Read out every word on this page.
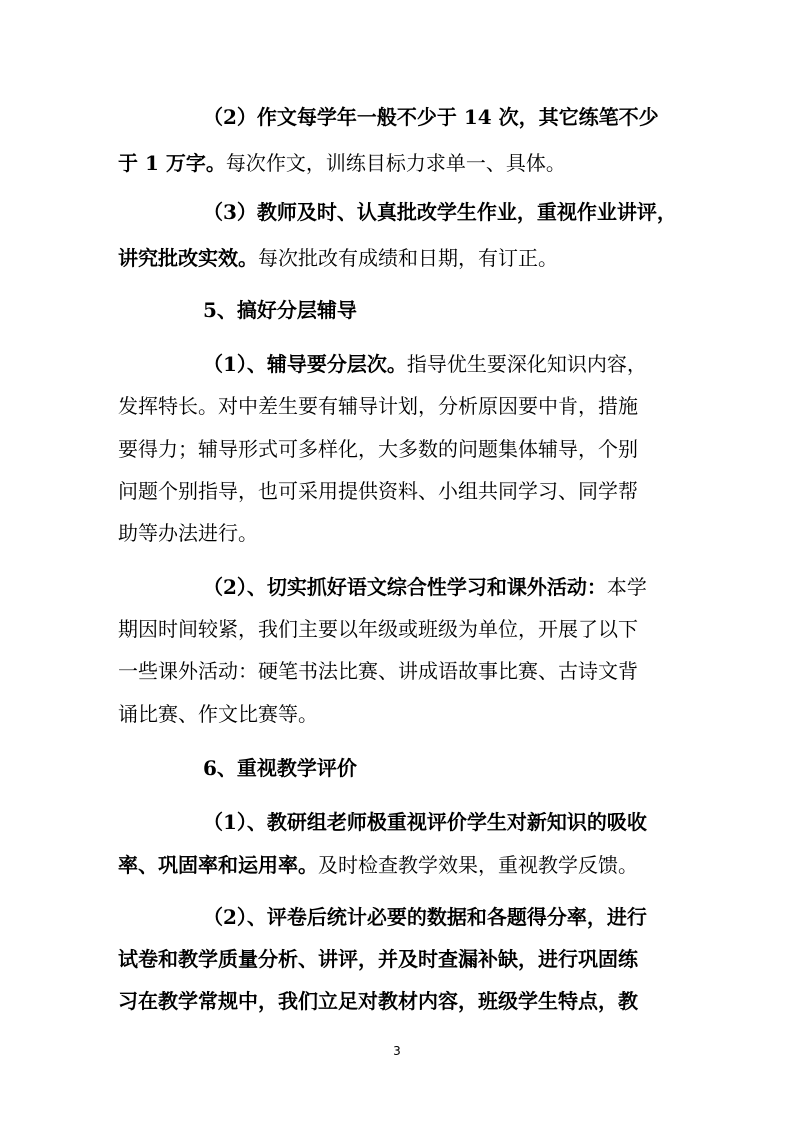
（2）作文每学年一般不少于 14 次，其它练笔不少
于 1 万字。每次作文，训练目标力求单一、具体。
（3）教师及时、认真批改学生作业，重视作业讲评，
讲究批改实效。每次批改有成绩和日期，有订正。
5、搞好分层辅导
（1）、辅导要分层次。指导优生要深化知识内容，
发挥特长。对中差生要有辅导计划，分析原因要中肯，措施
要得力；辅导形式可多样化，大多数的问题集体辅导，个别
问题个别指导，也可采用提供资料、小组共同学习、同学帮
助等办法进行。
（2）、切实抓好语文综合性学习和课外活动：本学
期因时间较紧，我们主要以年级或班级为单位，开展了以下
一些课外活动：硬笔书法比赛、讲成语故事比赛、古诗文背
诵比赛、作文比赛等。
6、重视教学评价
（1）、教研组老师极重视评价学生对新知识的吸收
率、巩固率和运用率。及时检查教学效果，重视教学反馈。
（2）、评卷后统计必要的数据和各题得分率，进行
试卷和教学质量分析、讲评，并及时查漏补缺，进行巩固练
习在教学常规中，我们立足对教材内容，班级学生特点，教
3
